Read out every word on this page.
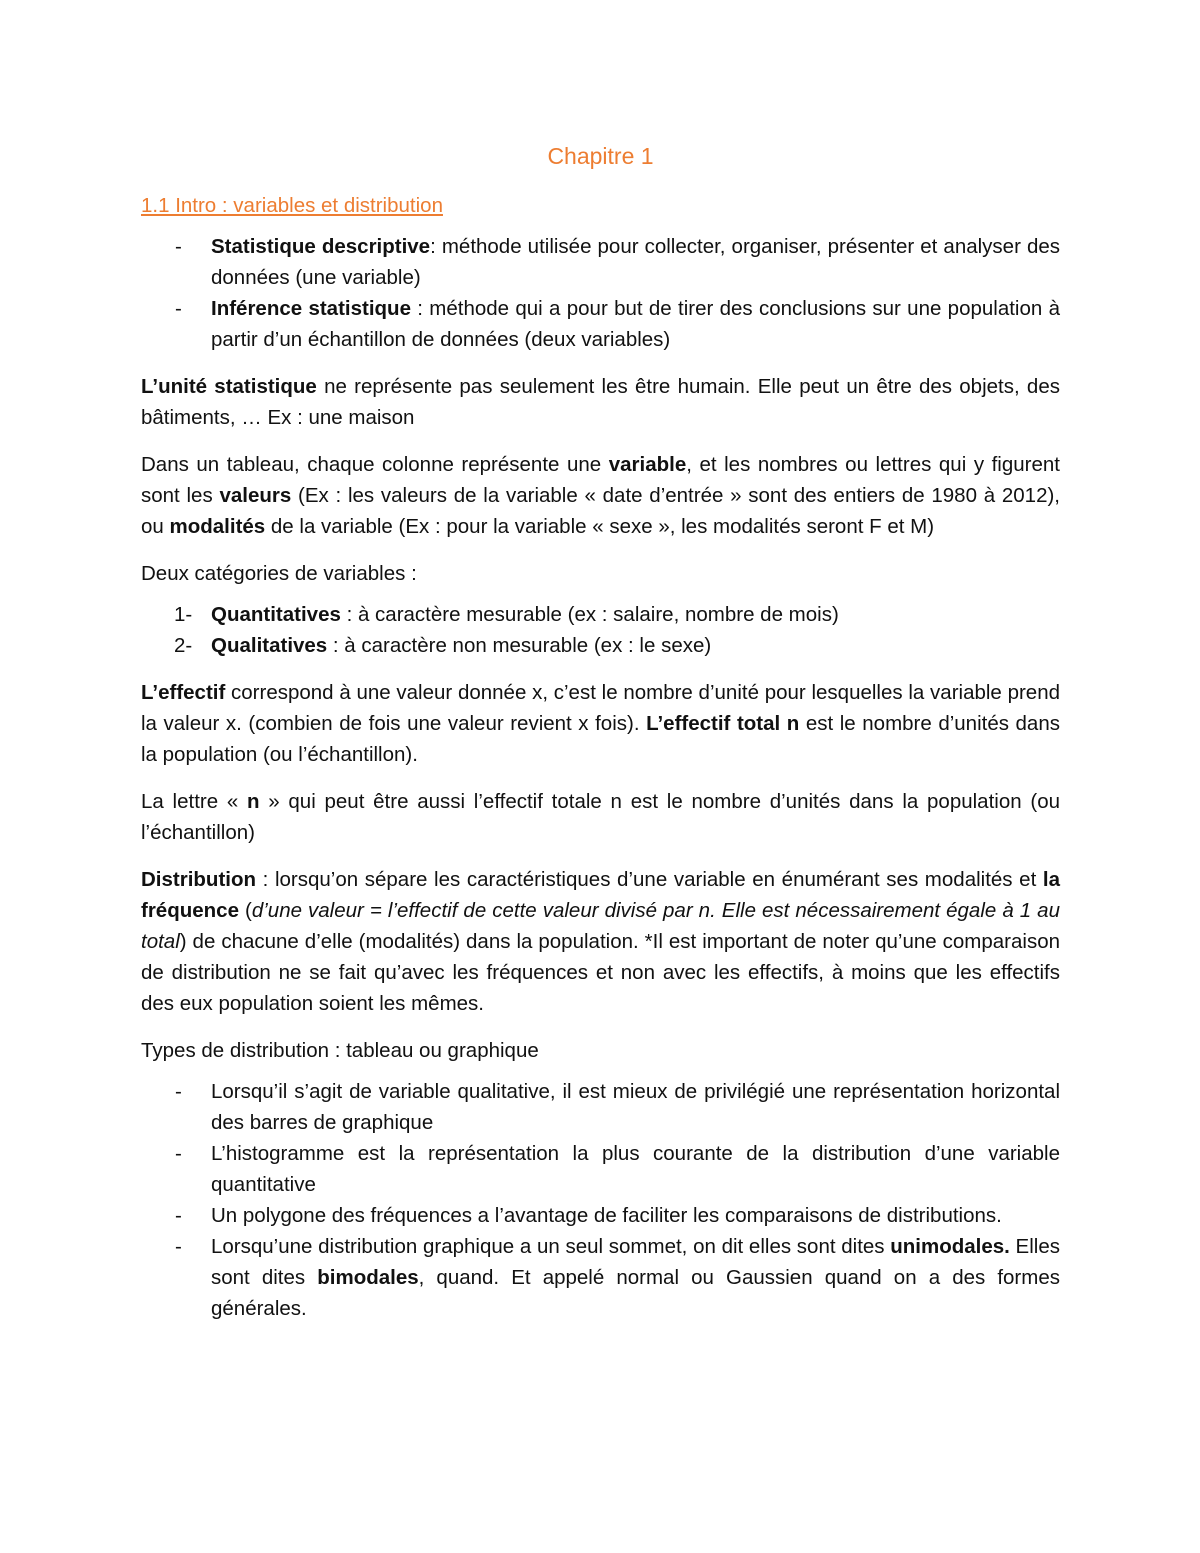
Chapitre 1
1.1 Intro : variables et distribution
- Statistique descriptive: méthode utilisée pour collecter, organiser, présenter et analyser des données (une variable)
- Inférence statistique : méthode qui a pour but de tirer des conclusions sur une population à partir d’un échantillon de données (deux variables)

L’unité statistique ne représente pas seulement les être humain. Elle peut un être des objets, des bâtiments, … Ex : une maison

Dans un tableau, chaque colonne représente une variable, et les nombres ou lettres qui y figurent sont les valeurs (Ex : les valeurs de la variable « date d’entrée » sont des entiers de 1980 à 2012), ou modalités de la variable (Ex : pour la variable « sexe », les modalités seront F et M)

Deux catégories de variables :

1- Quantitatives : à caractère mesurable (ex : salaire, nombre de mois)
2- Qualitatives : à caractère non mesurable (ex : le sexe)

L’effectif correspond à une valeur donnée x, c’est le nombre d’unité pour lesquelles la variable prend la valeur x. (combien de fois une valeur revient x fois). L’effectif total n est le nombre d’unités dans la population (ou l’échantillon).

La lettre « n » qui peut être aussi l’effectif totale n est le nombre d’unités dans la population (ou l’échantillon)

Distribution : lorsqu’on sépare les caractéristiques d’une variable en énumérant ses modalités et la fréquence (d’une valeur = l’effectif de cette valeur divisé par n. Elle est nécessairement égale à 1 au total) de chacune d’elle (modalités) dans la population. *Il est important de noter qu’une comparaison de distribution ne se fait qu’avec les fréquences et non avec les effectifs, à moins que les effectifs des eux population soient les mêmes.

Types de distribution : tableau ou graphique

- Lorsqu’il s’agit de variable qualitative, il est mieux de privilégié une représentation horizontal des barres de graphique
- L’histogramme est la représentation la plus courante de la distribution d’une variable quantitative
- Un polygone des fréquences a l’avantage de faciliter les comparaisons de distributions.
- Lorsqu’une distribution graphique a un seul sommet, on dit elles sont dites unimodales. Elles sont dites bimodales, quand. Et appelé normal ou Gaussien quand on a des formes générales.
